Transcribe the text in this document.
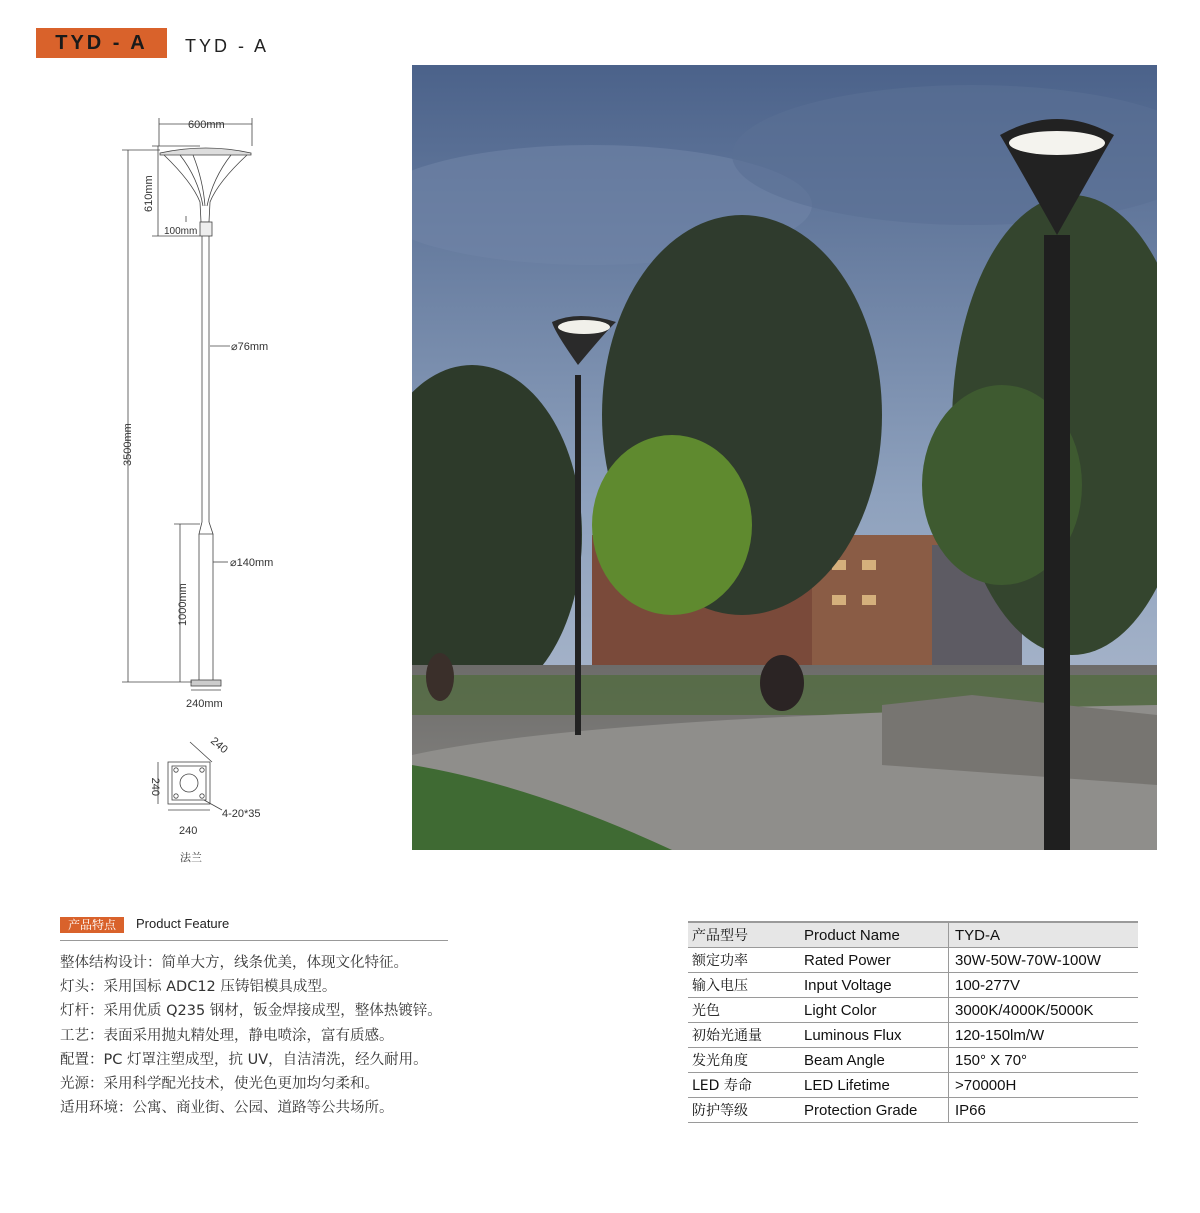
TYD - A TYD - A
600mm
610mm
100mm
⌀76mm
3500mm
⌀140mm
1000mm
240mm
240
240
240
4-20*35
法兰
产品特点	Product Feature
整体结构设计：简单大方，线条优美，体现文化特征。
灯头：采用国标 ADC12 压铸铝模具成型。
灯杆：采用优质 Q235 钢材，钣金焊接成型，整体热镀锌。
工艺：表面采用抛丸精处理，静电喷涂，富有质感。
配置：PC 灯罩注塑成型，抗 UV，自洁清洗，经久耐用。
光源：采用科学配光技术，使光色更加均匀柔和。
适用环境：公寓、商业街、公园、道路等公共场所。
产品型号	Product Name	TYD-A
额定功率	Rated Power	30W-50W-70W-100W
输入电压	Input Voltage	100-277V
光色	Light Color	3000K/4000K/5000K
初始光通量	Luminous Flux	120-150lm/W
发光角度	Beam Angle	150° X 70°
LED 寿命	LED Lifetime	>70000H
防护等级	Protection Grade	IP66
